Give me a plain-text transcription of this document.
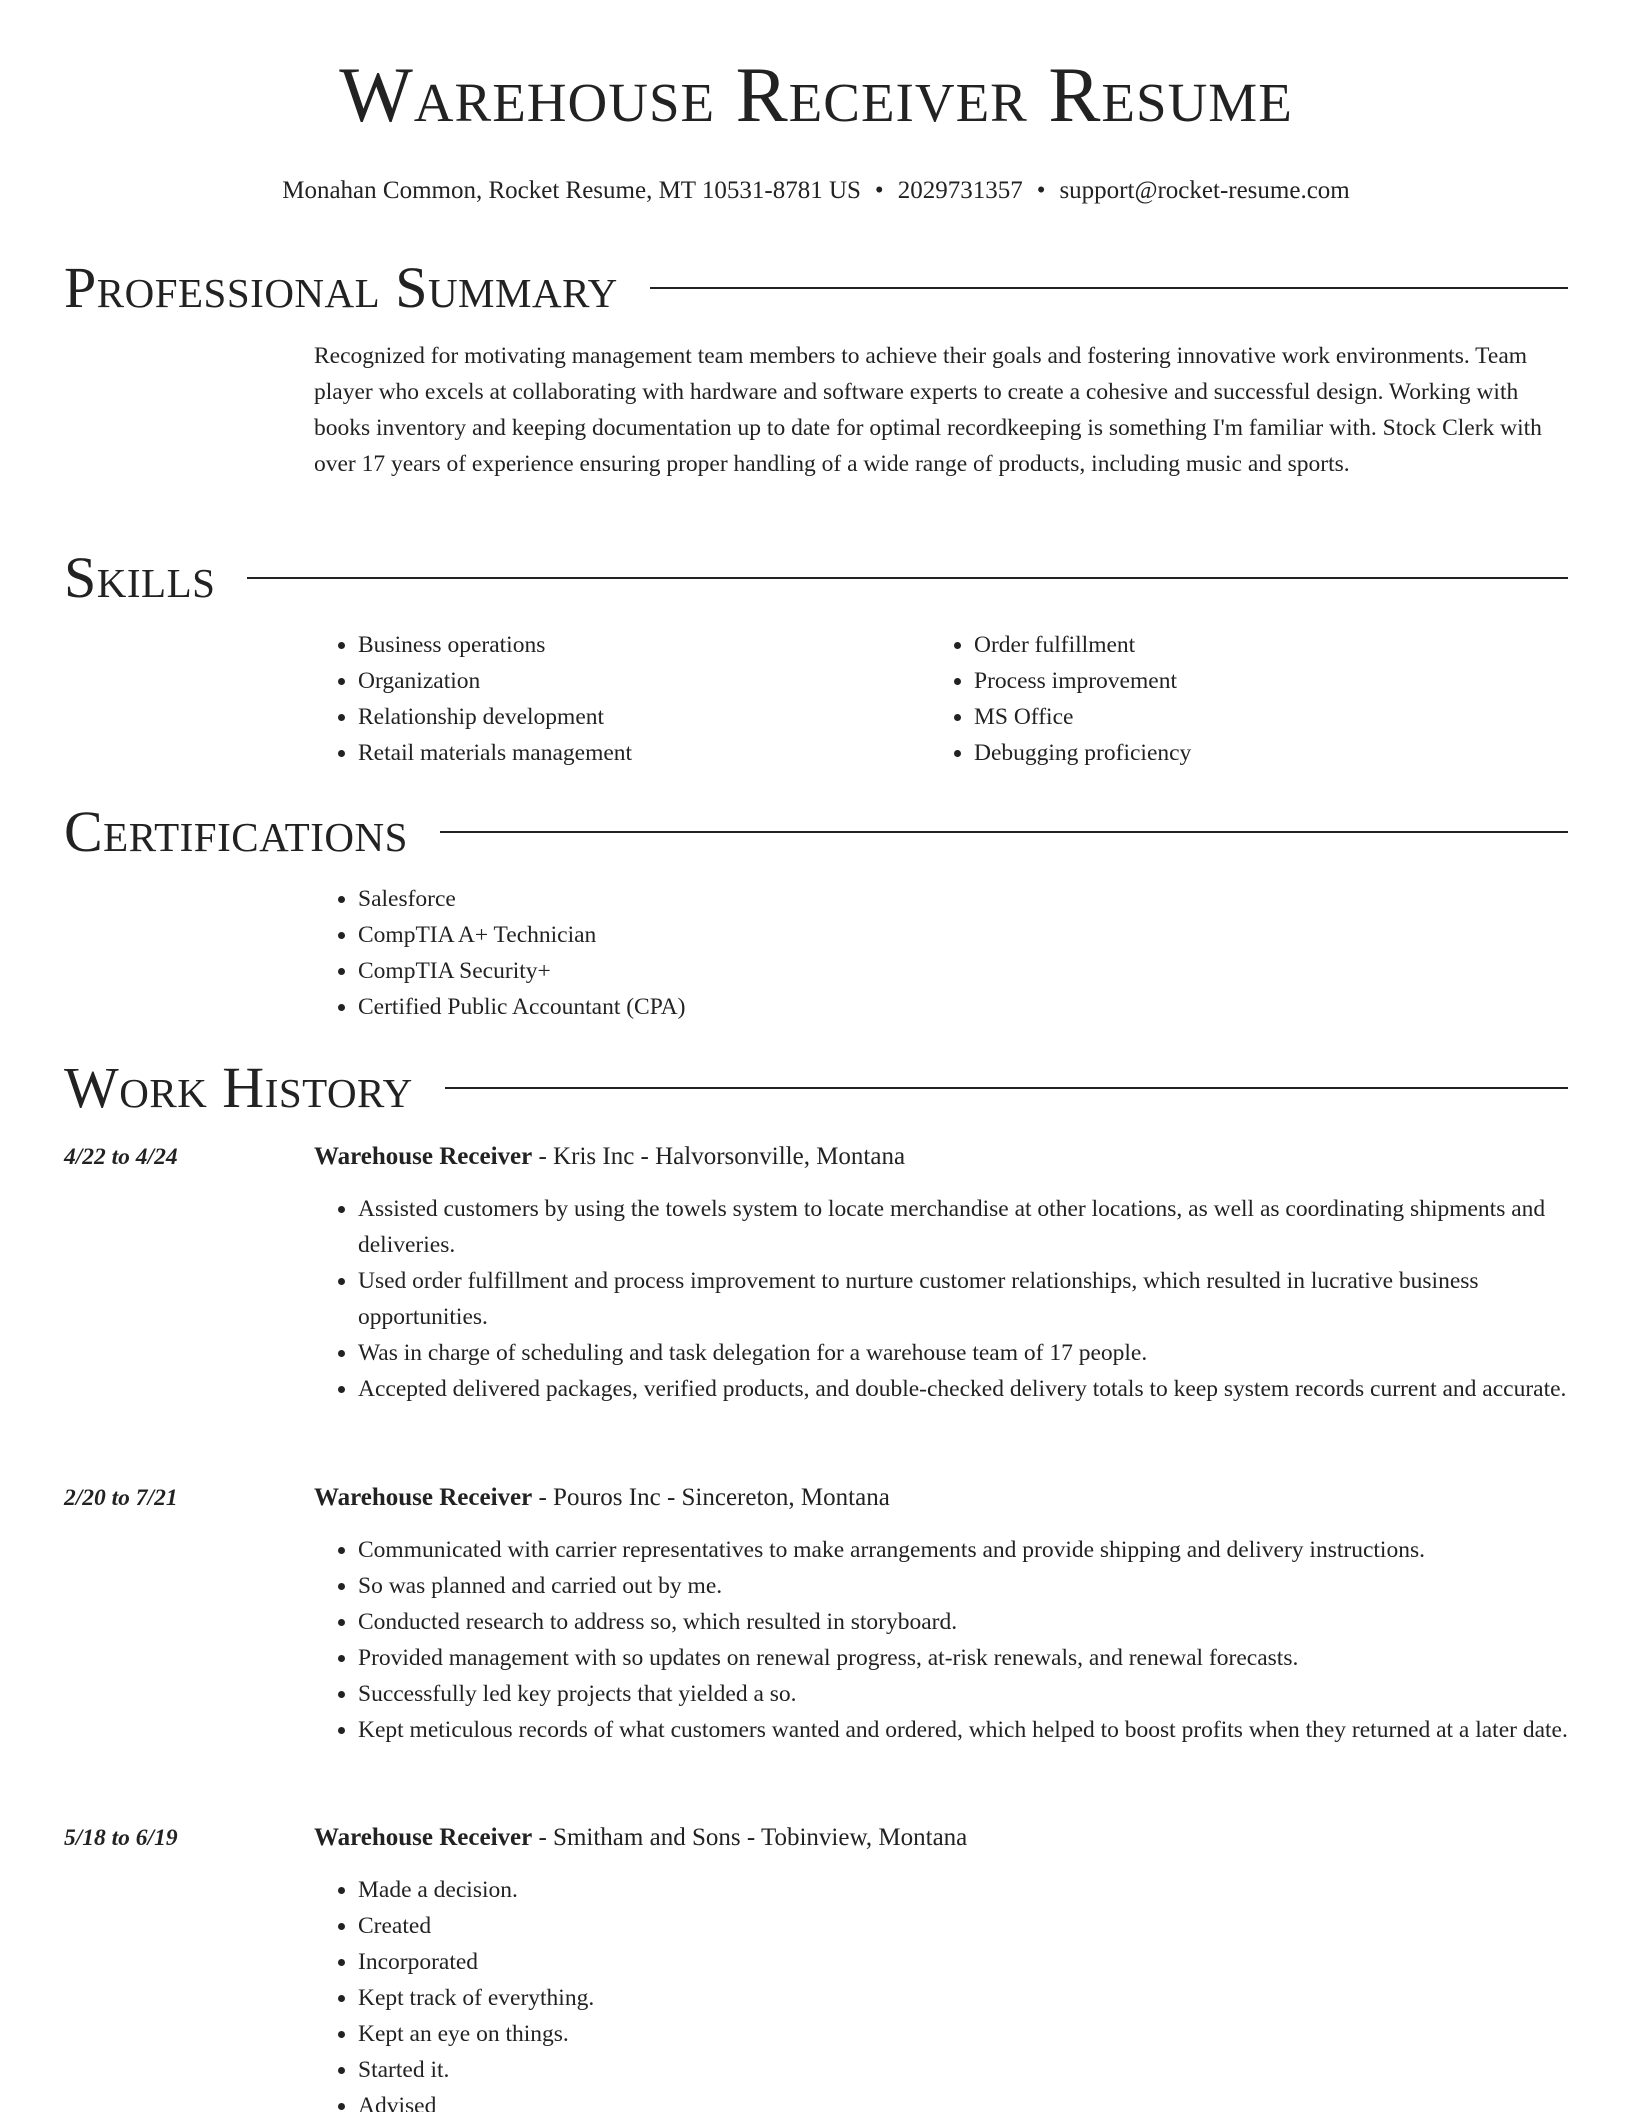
Warehouse Receiver Resume
Monahan Common, Rocket Resume, MT 10531-8781 US • 2029731357 • support@rocket-resume.com
Professional Summary

Recognized for motivating management team members to achieve their goals and fostering innovative work environments. Team player who excels at collaborating with hardware and software experts to create a cohesive and successful design. Working with books inventory and keeping documentation up to date for optimal recordkeeping is something I'm familiar with. Stock Clerk with over 17 years of experience ensuring proper handling of a wide range of products, including music and sports.

Skills
• Business operations
• Organization
• Relationship development
• Retail materials management
• Order fulfillment
• Process improvement
• MS Office
• Debugging proficiency
Certifications
• Salesforce
• CompTIA A+ Technician
• CompTIA Security+
• Certified Public Accountant (CPA)
Work History
4/22 to 4/24	Warehouse Receiver - Kris Inc - Halvorsonville, Montana
• Assisted customers by using the towels system to locate merchandise at other locations, as well as coordinating shipments and deliveries.
• Used order fulfillment and process improvement to nurture customer relationships, which resulted in lucrative business opportunities.
• Was in charge of scheduling and task delegation for a warehouse team of 17 people.
• Accepted delivered packages, verified products, and double-checked delivery totals to keep system records current and accurate.
2/20 to 7/21	Warehouse Receiver - Pouros Inc - Sincereton, Montana
• Communicated with carrier representatives to make arrangements and provide shipping and delivery instructions.
• So was planned and carried out by me.
• Conducted research to address so, which resulted in storyboard.
• Provided management with so updates on renewal progress, at-risk renewals, and renewal forecasts.
• Successfully led key projects that yielded a so.
• Kept meticulous records of what customers wanted and ordered, which helped to boost profits when they returned at a later date.
5/18 to 6/19	Warehouse Receiver - Smitham and Sons - Tobinview, Montana
• Made a decision.
• Created
• Incorporated
• Kept track of everything.
• Kept an eye on things.
• Started it.
• Advised
